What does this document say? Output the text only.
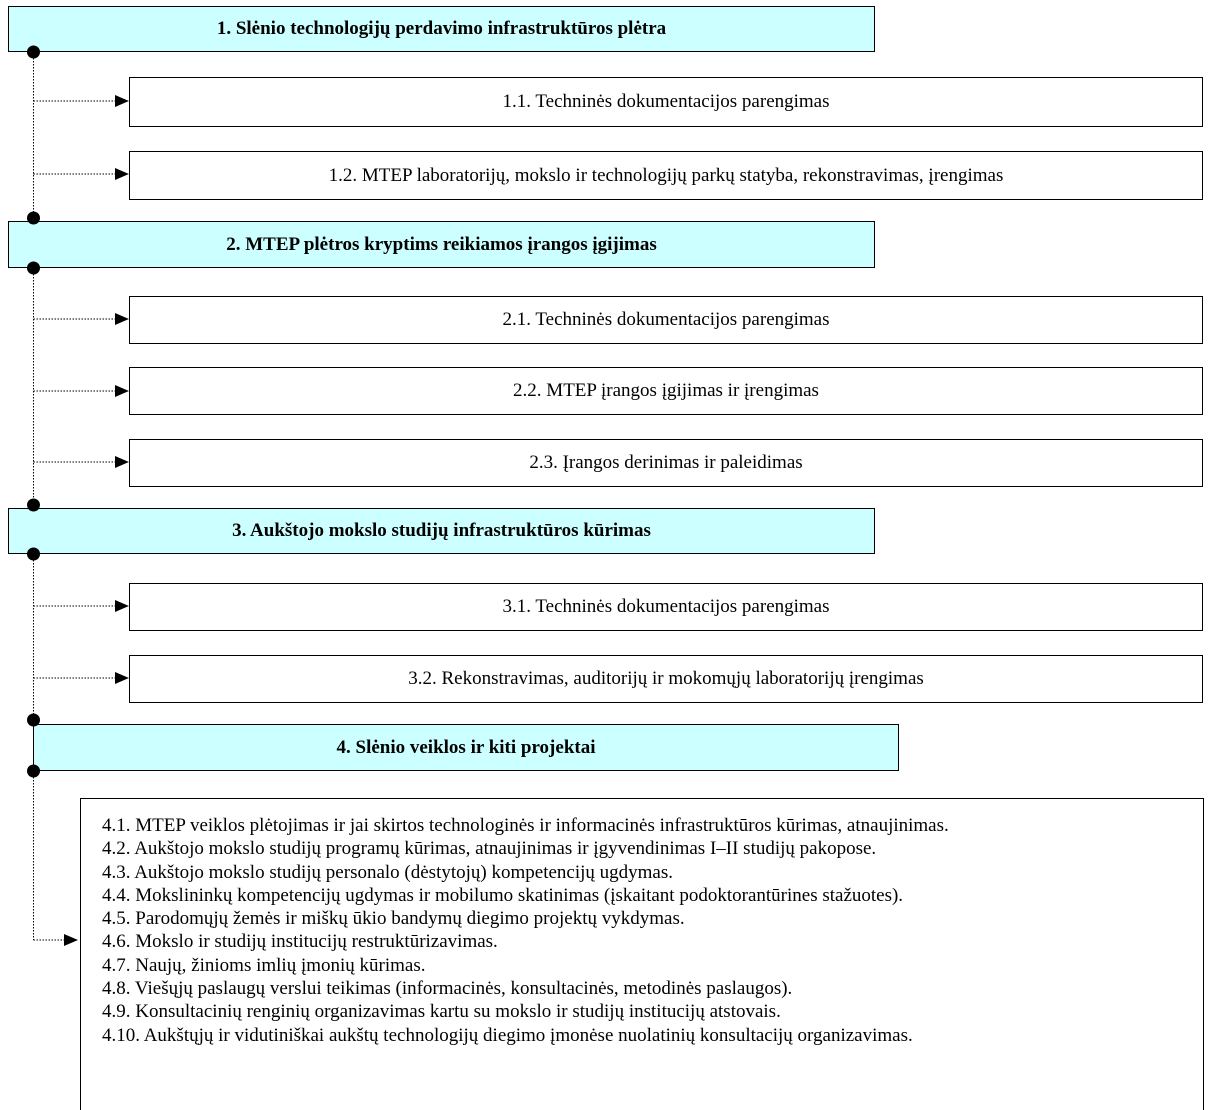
1. Slėnio technologijų perdavimo infrastruktūros plėtra
1.1. Techninės dokumentacijos parengimas
1.2. MTEP laboratorijų, mokslo ir technologijų parkų statyba, rekonstravimas, įrengimas
2. MTEP plėtros kryptims reikiamos įrangos įgijimas
2.1. Techninės dokumentacijos parengimas
2.2. MTEP įrangos įgijimas ir įrengimas
2.3. Įrangos derinimas ir paleidimas
3. Aukštojo mokslo studijų infrastruktūros kūrimas
3.1. Techninės dokumentacijos parengimas
3.2. Rekonstravimas, auditorijų ir mokomųjų laboratorijų įrengimas
4. Slėnio veiklos ir kiti projektai
4.1. MTEP veiklos plėtojimas ir jai skirtos technologinės ir informacinės infrastruktūros kūrimas, atnaujinimas.
4.2. Aukštojo mokslo studijų programų kūrimas, atnaujinimas ir įgyvendinimas I–II studijų pakopose.
4.3. Aukštojo mokslo studijų personalo (dėstytojų) kompetencijų ugdymas.
4.4. Mokslininkų kompetencijų ugdymas ir mobilumo skatinimas (įskaitant podoktorantūrines stažuotes).
4.5. Parodomųjų žemės ir miškų ūkio bandymų diegimo projektų vykdymas.
4.6. Mokslo ir studijų institucijų restruktūrizavimas.
4.7. Naujų, žinioms imlių įmonių kūrimas.
4.8. Viešųjų paslaugų verslui teikimas (informacinės, konsultacinės, metodinės paslaugos).
4.9. Konsultacinių renginių organizavimas kartu su mokslo ir studijų institucijų atstovais.
4.10. Aukštųjų ir vidutiniškai aukštų technologijų diegimo įmonėse nuolatinių konsultacijų organizavimas.
